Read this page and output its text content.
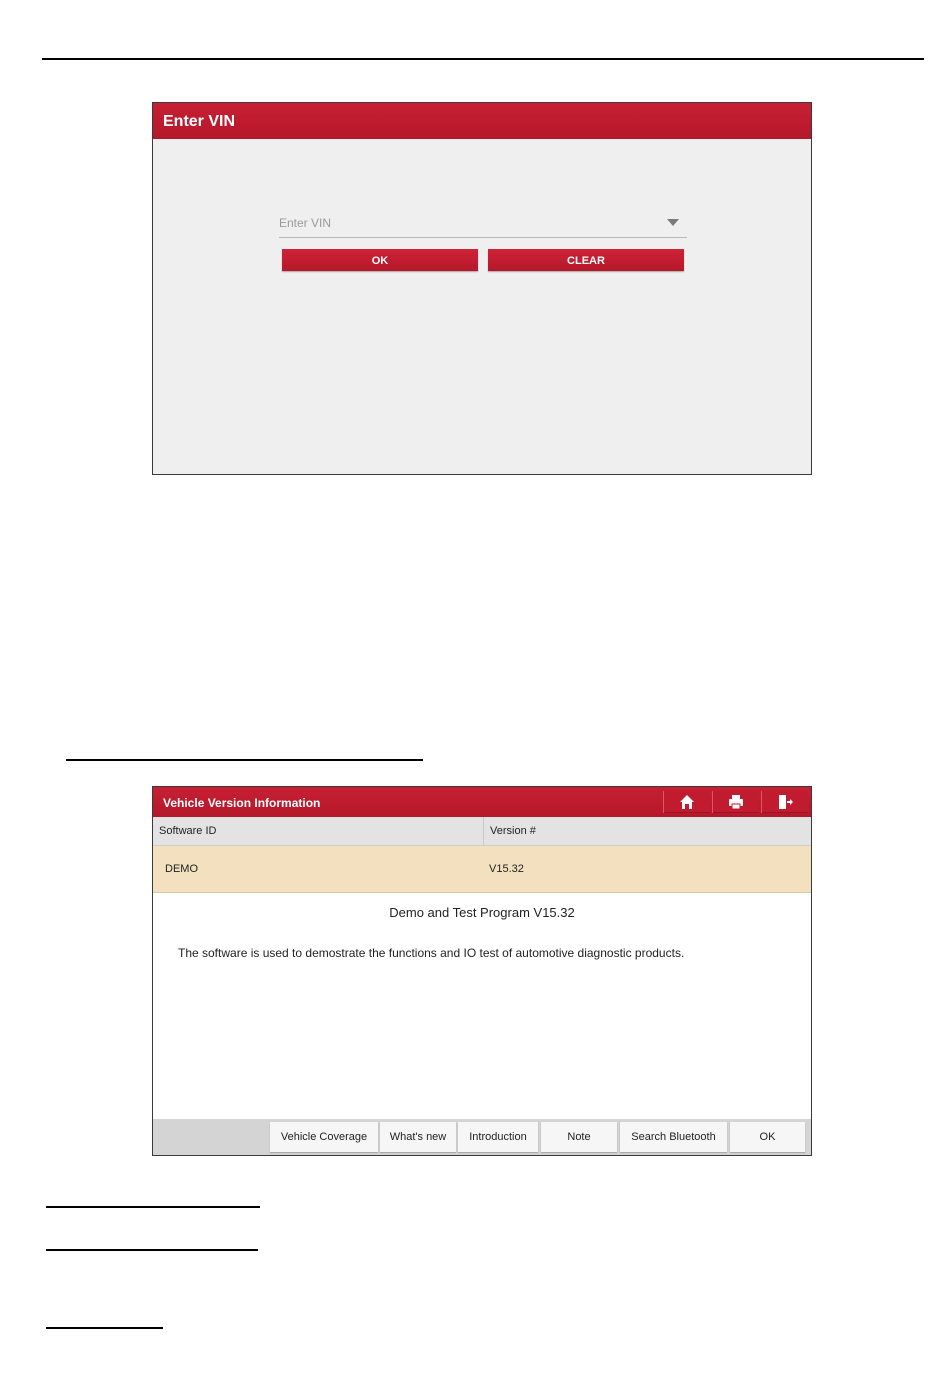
Enter VIN
Enter VIN
OK	CLEAR
Vehicle Version Information
Software ID	Version #
DEMO	V15.32
Demo and Test Program V15.32
The software is used to demostrate the functions and IO test of automotive diagnostic products.
Vehicle Coverage	What's new	Introduction	Note	Search Bluetooth	OK
